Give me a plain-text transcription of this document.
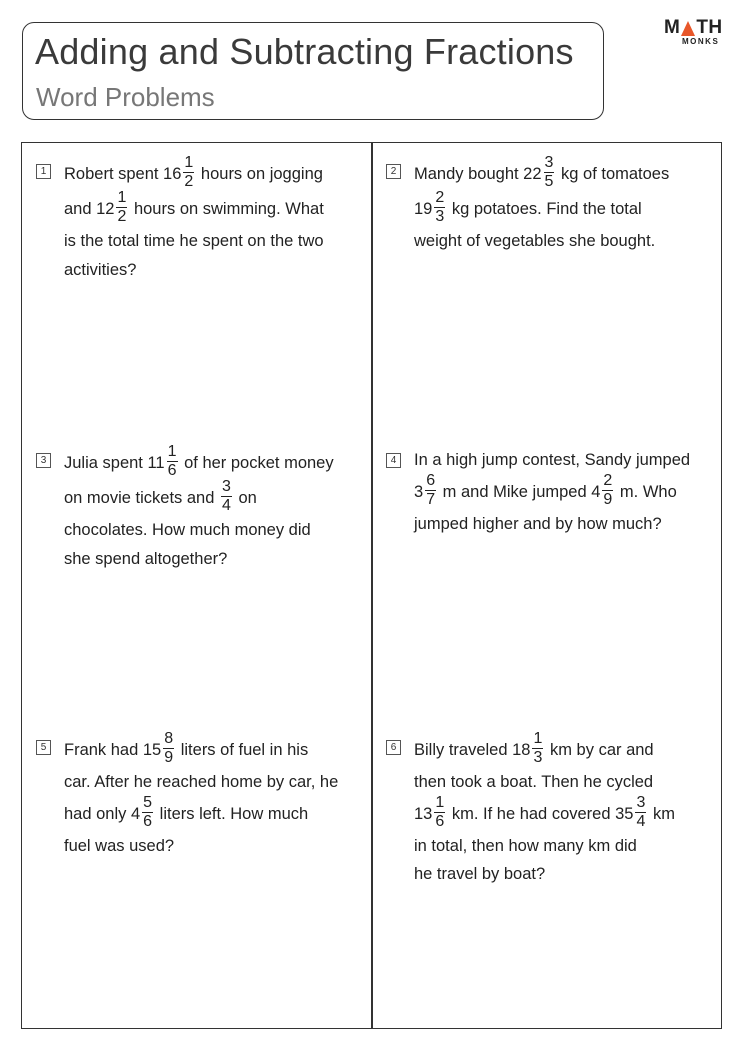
Adding and Subtracting Fractions
Word Problems
M TH
MONKS
1 Robert spent $16 \frac{1}{2}$ hours on jogging
and $12 \frac{1}{2}$ hours on swimming. What
is the total time he spent on the two
activities?
2 Mandy bought $22 \frac{3}{5}$ kg of tomatoes
$19 \frac{2}{3}$ kg potatoes. Find the total
weight of vegetables she bought.
3 Julia spent $11 \frac{1}{6}$ of her pocket money
on movie tickets and $\frac{3}{4}$ on
chocolates. How much money did
she spend altogether?
4 In a high jump contest, Sandy jumped
$3 \frac{6}{7}$ m and Mike jumped $4 \frac{2}{9} m$. Who
jumped higher and by how much?
5 Frank had $15 \frac{8}{9}$ liters of fuel in his
car. After he reached home by car, he
had only $4 \frac{5}{6}$ liters left. How much
fuel was used?
6 Billy traveled $18 \frac{1}{3}$ km by car and
then took a boat. Then he cycled
$13 \frac{1}{6}$ km. If he had covered $35 \frac{3}{4}$ km
in total, then how many km did
he travel by boat?
